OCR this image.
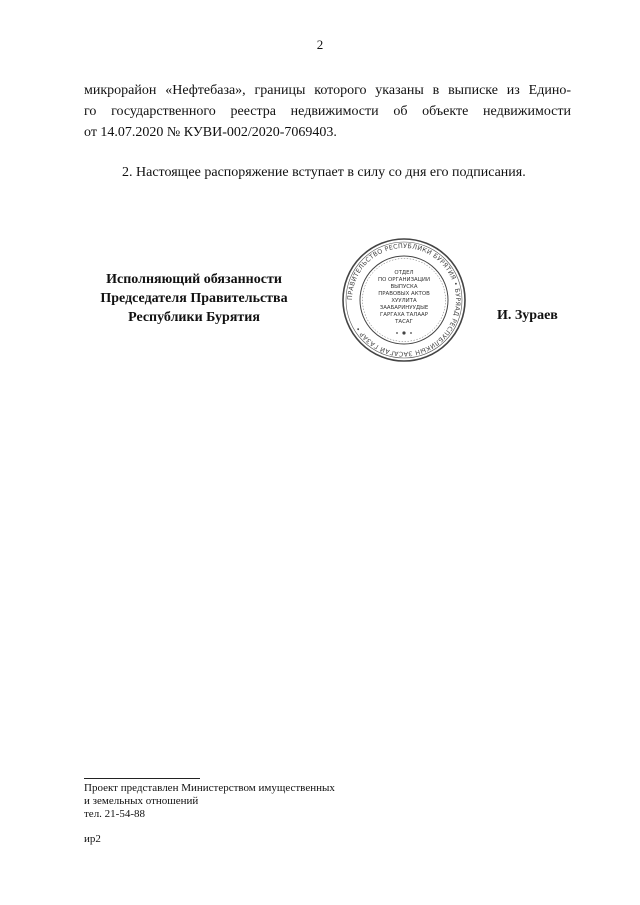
2

микрорайон «Нефтебаза», границы которого указаны в выписке из Едино-
го государственного реестра недвижимости об объекте недвижимости
от 14.07.2020 № КУВИ-002/2020-7069403.

2. Настоящее распоряжение вступает в силу со дня его подписания.

Исполняющий обязанности
Председателя Правительства
Республики Бурятия
ПРАВИТЕЛЬСТВО РЕСПУБЛИКИ БУРЯТИЯ • БУРЯАД РЕСПУБЛИКЫН ЗАСАГАЙ ГАЗАР •
ОТДЕЛ
ПО ОРГАНИЗАЦИИ
ВЫПУСКА
ПРАВОВЫХ АКТОВ
ХУУЛИТА
ЗААБАРИНУУДЫЕ
ГАРГАХА ТАЛААР
ТАСАГ	И. Зураев
Проект представлен Министерством имущественных
и земельных отношений
тел. 21-54-88
ир2
